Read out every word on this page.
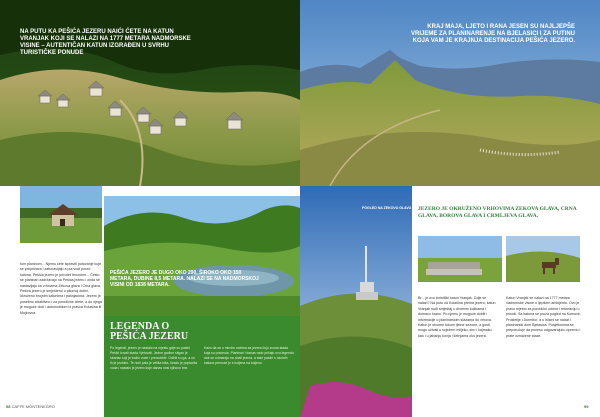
NA PUTU KA PEŠIĆA JEZERU NAIĆI ĆETE NA KATUN VRANJAK KOJI SE NALAZI NA 1777 METARA NADMORSKE VISINE – AUTENTIČAN KATUN IZGRAĐEN U SVRHU TURISTIČKE PONUDE
tom planinom... Njemu ćete ispraviti putovanje koje se prepričava i zaboravljaju a put vodi pored katuna. Pešića jezero je prirodni fenomen... Često se planinari zadržavaju na Pešića jezeru i onda se nastavljaju ka vrhovima Zekova glava i Crna glava. Pešića jezero je smješteno u pitomoj dolini, okruženo brojnim katunima i pašnjacima. Jezero je posebno atraktivno i za porodične izlete, a do njega je moguće doći i automobilom iz pravca Kolašina ili Mojkovca.
PEŠIĆA JEZERO JE DUGO OKO 290, ŠIROKO OKO 150 METARA, DUBINE 8,5 METARA. NALAZI SE NA NADMORSKOJ VISINI OD 1838 METARA.
LEGENDA O
PEŠIĆA JEZERU
Po legendi, jezero je nastalo na mjestu gdje su pastiri Pešići čuvali stada i ljetovali. Jedne godine stigao je stranac koji je tražio vode i prenoćište. Odbili su ga, a on ih je prokleo. Te noći pala je velika kiša, livadu je poplavila voda i nastalo je jezero koje danas nosi njihovo ime.
Kažu da se u mirnim noćima sa jezera čuju zvona stada koja su potonula. Planinari i danas rado pričaju ovu legendu dok se odmaraju na obali jezera, a stari pastiri s okolnih katuna prenose je s koljena na koljeno.
98 CAFFE MONTENEGRO
KRAJ MAJA, LJETO I RANA JESEN SU NAJLJEPŠE VRIJEME ZA PLANINARENJE NA BJELASICI I ZA PUTINU KOJA VAM JE KRAJNJA DESTINACIJA PEŠIĆA JEZERO.
POGLED NA ZEKOVU GLAVU	JEZERO JE OKRUŽENO VRHOVIMA ZEKOVA GLAVA, CRNA GLAVA, BOROVA GLAVA I CRMLJEVA GLAVA.
Br... je ovo turistički katun Vranjak. Gdje se nalazi? Na putu od Kolašina prema jezeru, katun Vranjak nudi smještaj u drvenim kolibama i domaću hranu. Po njemu je moguće dobiti i informacije o planinarskim stazama do vrhova. Katun je otvoren tokom ljetne sezone, a gosti mogu uživati u svježem mlijeku, siru i kajmaku, kao i u jahanju konja i šetnjama oko jezera.
Katun Vranjak se nalazi na 1777 metara nadmorske visine u ljepšem ambijentu. Ovo je pravo mjesto za porodični odmor i rekreaciju u prirodi. Sa katuna se pruža pogled na Komove, Prokletije i Durmitor, a u blizini se nalazi i planinarski dom Bjelasica. Posjetiocima se preporučuje da ponesu odgovarajuću opremu i prate označene staze.
99
